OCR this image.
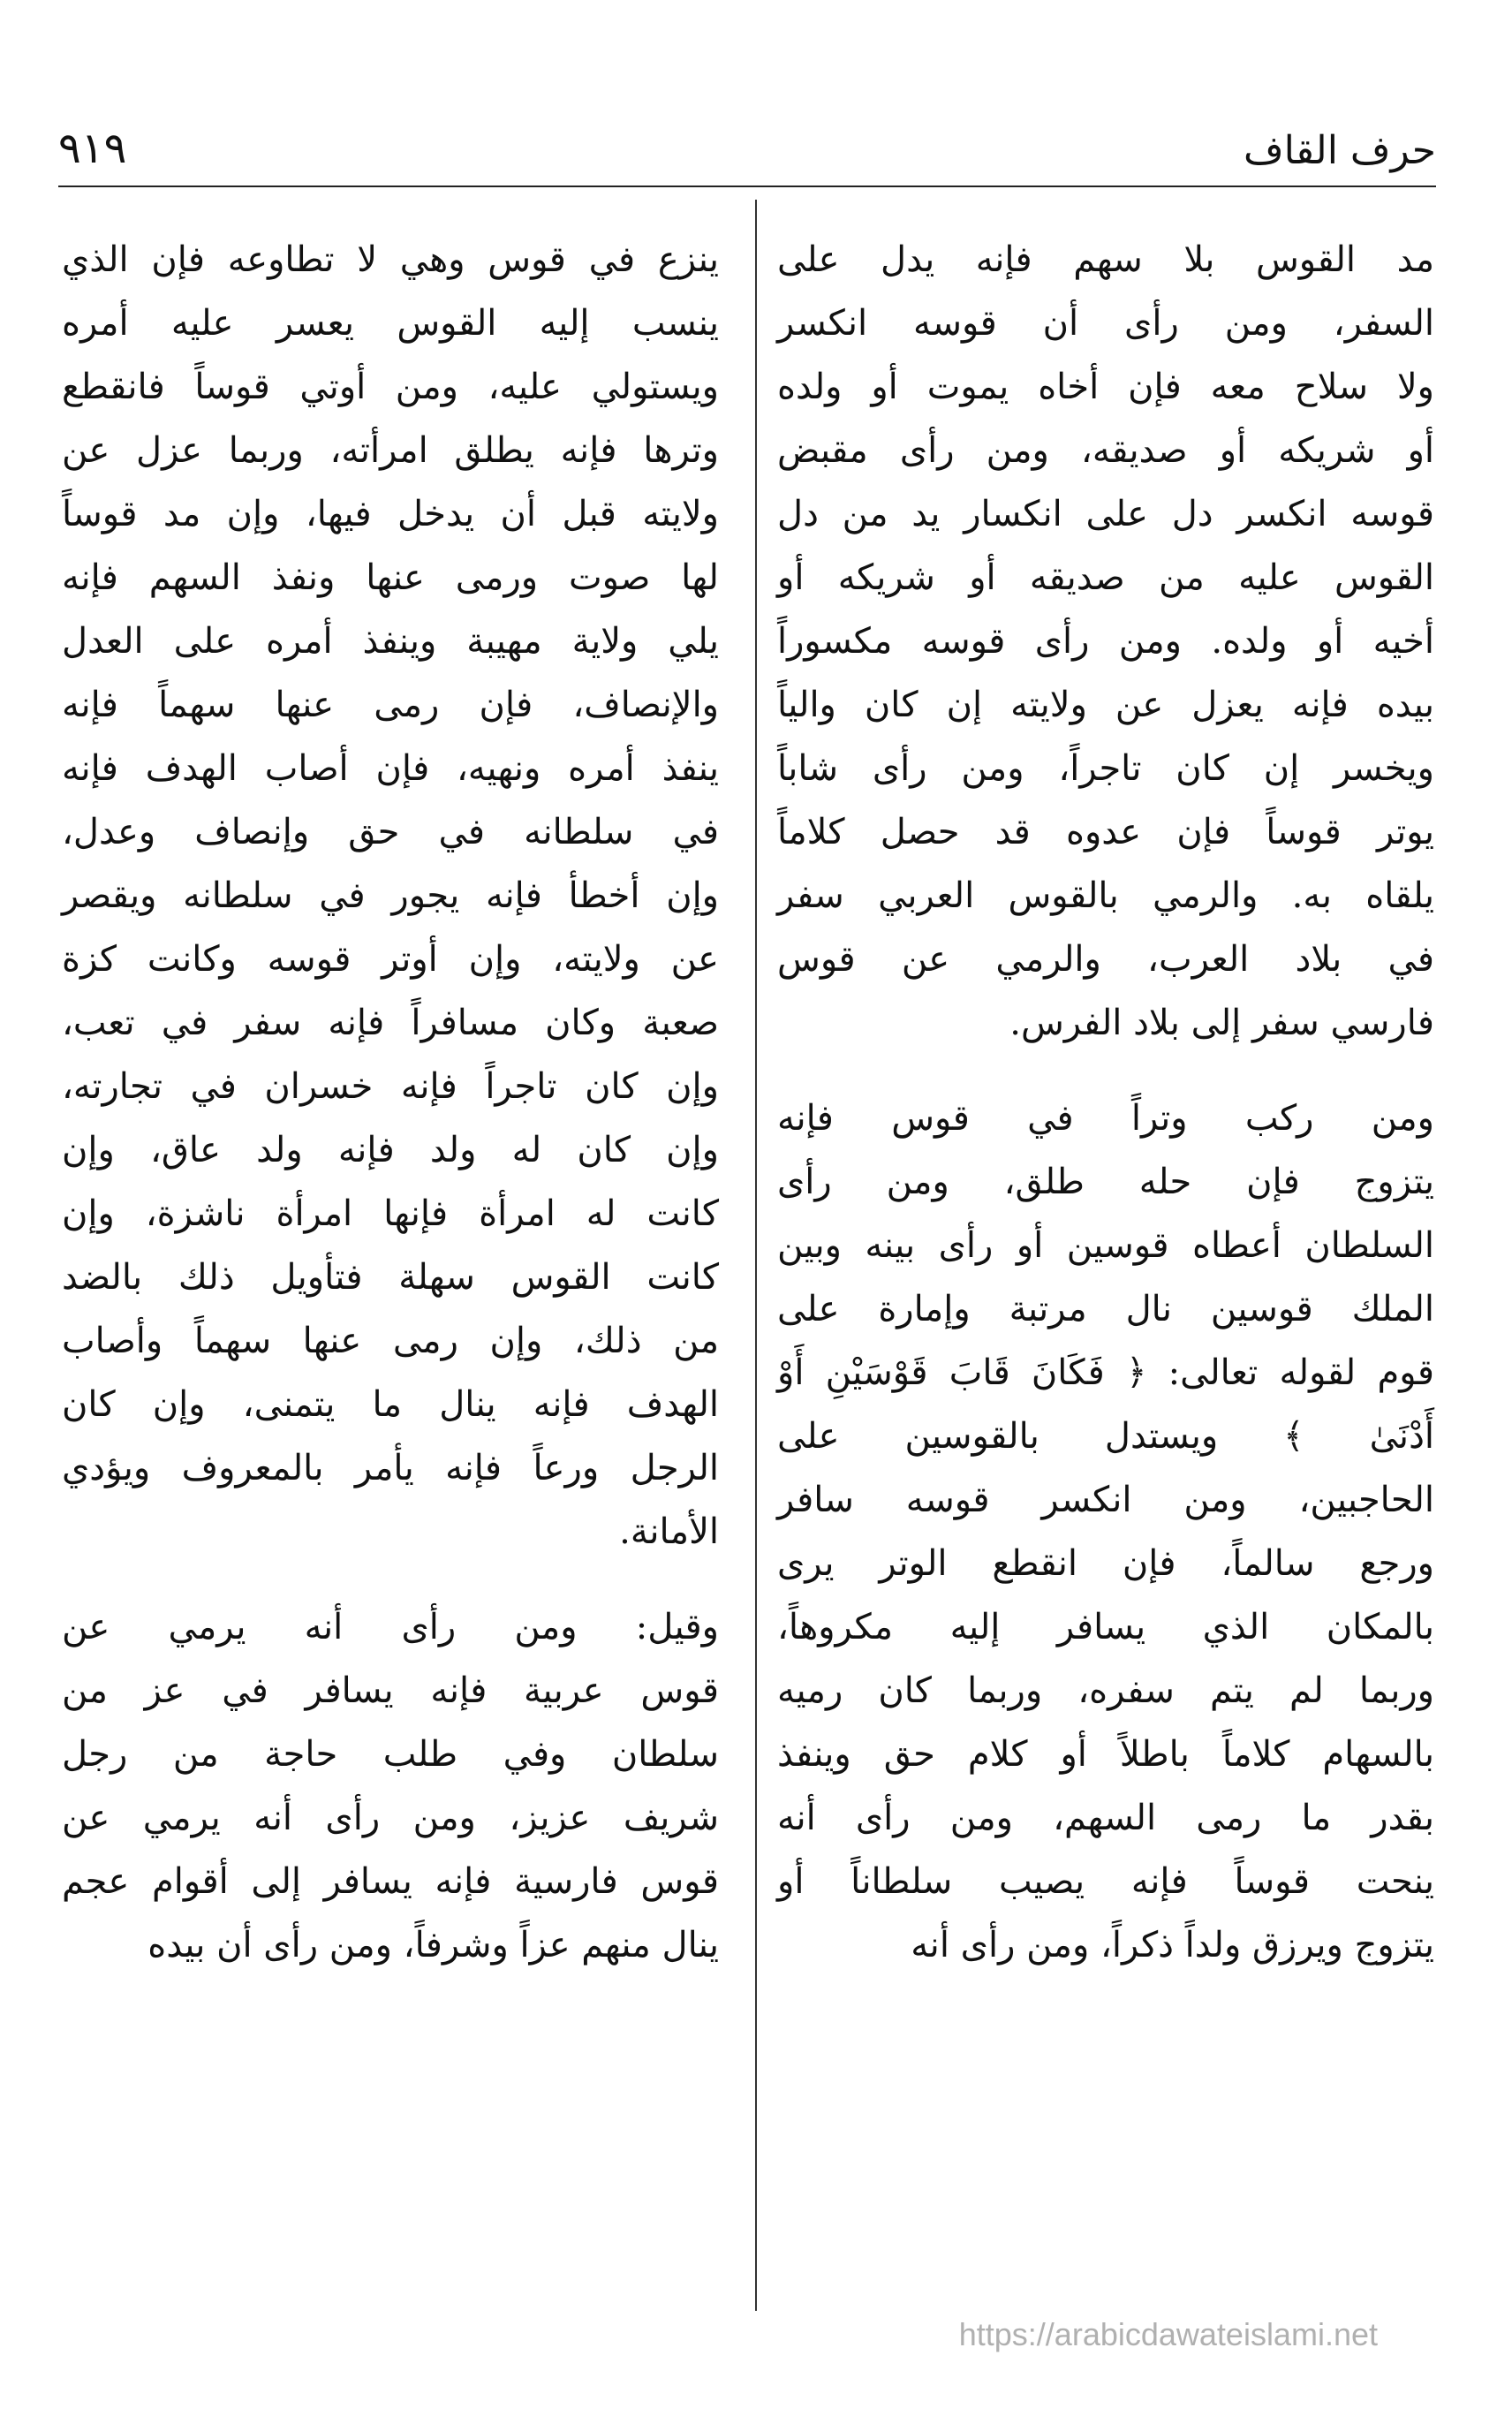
٩١٩	حرف القاف
مد القوس بلا سهم فإنه يدل على
السفر، ومن رأى أن قوسه انكسر
ولا سلاح معه فإن أخاه يموت أو ولده
أو شريكه أو صديقه، ومن رأى مقبض
قوسه انكسر دل على انكسار يد من دل
القوس عليه من صديقه أو شريكه أو
أخيه أو ولده. ومن رأى قوسه مكسوراً
بيده فإنه يعزل عن ولايته إن كان والياً
ويخسر إن كان تاجراً، ومن رأى شاباً
يوتر قوساً فإن عدوه قد حصل كلاماً
يلقاه به. والرمي بالقوس العربي سفر
في بلاد العرب، والرمي عن قوس
فارسي سفر إلى بلاد الفرس.
ومن ركب وتراً في قوس فإنه
يتزوج فإن حله طلق، ومن رأى
السلطان أعطاه قوسين أو رأى بينه وبين
الملك قوسين نال مرتبة وإمارة على
قوم لقوله تعالى: ﴿ فَكَانَ قَابَ قَوْسَيْنِ أَوْ
أَدْنَىٰ ﴾ ويستدل بالقوسين على
الحاجبين، ومن انكسر قوسه سافر
ورجع سالماً، فإن انقطع الوتر يرى
بالمكان الذي يسافر إليه مكروهاً،
وربما لم يتم سفره، وربما كان رميه
بالسهام كلاماً باطلاً أو كلام حق وينفذ
بقدر ما رمى السهم، ومن رأى أنه
ينحت قوساً فإنه يصيب سلطاناً أو
يتزوج ويرزق ولداً ذكراً، ومن رأى أنه
ينزع في قوس وهي لا تطاوعه فإن الذي
ينسب إليه القوس يعسر عليه أمره
ويستولي عليه، ومن أوتي قوساً فانقطع
وترها فإنه يطلق امرأته، وربما عزل عن
ولايته قبل أن يدخل فيها، وإن مد قوساً
لها صوت ورمى عنها ونفذ السهم فإنه
يلي ولاية مهيبة وينفذ أمره على العدل
والإنصاف، فإن رمى عنها سهماً فإنه
ينفذ أمره ونهيه، فإن أصاب الهدف فإنه
في سلطانه في حق وإنصاف وعدل،
وإن أخطأ فإنه يجور في سلطانه ويقصر
عن ولايته، وإن أوتر قوسه وكانت كزة
صعبة وكان مسافراً فإنه سفر في تعب،
وإن كان تاجراً فإنه خسران في تجارته،
وإن كان له ولد فإنه ولد عاق، وإن
كانت له امرأة فإنها امرأة ناشزة، وإن
كانت القوس سهلة فتأويل ذلك بالضد
من ذلك، وإن رمى عنها سهماً وأصاب
الهدف فإنه ينال ما يتمنى، وإن كان
الرجل ورعاً فإنه يأمر بالمعروف ويؤدي
الأمانة.
وقيل: ومن رأى أنه يرمي عن
قوس عربية فإنه يسافر في عز من
سلطان وفي طلب حاجة من رجل
شريف عزيز، ومن رأى أنه يرمي عن
قوس فارسية فإنه يسافر إلى أقوام عجم
ينال منهم عزاً وشرفاً، ومن رأى أن بيده
https://arabicdawateislami.net
